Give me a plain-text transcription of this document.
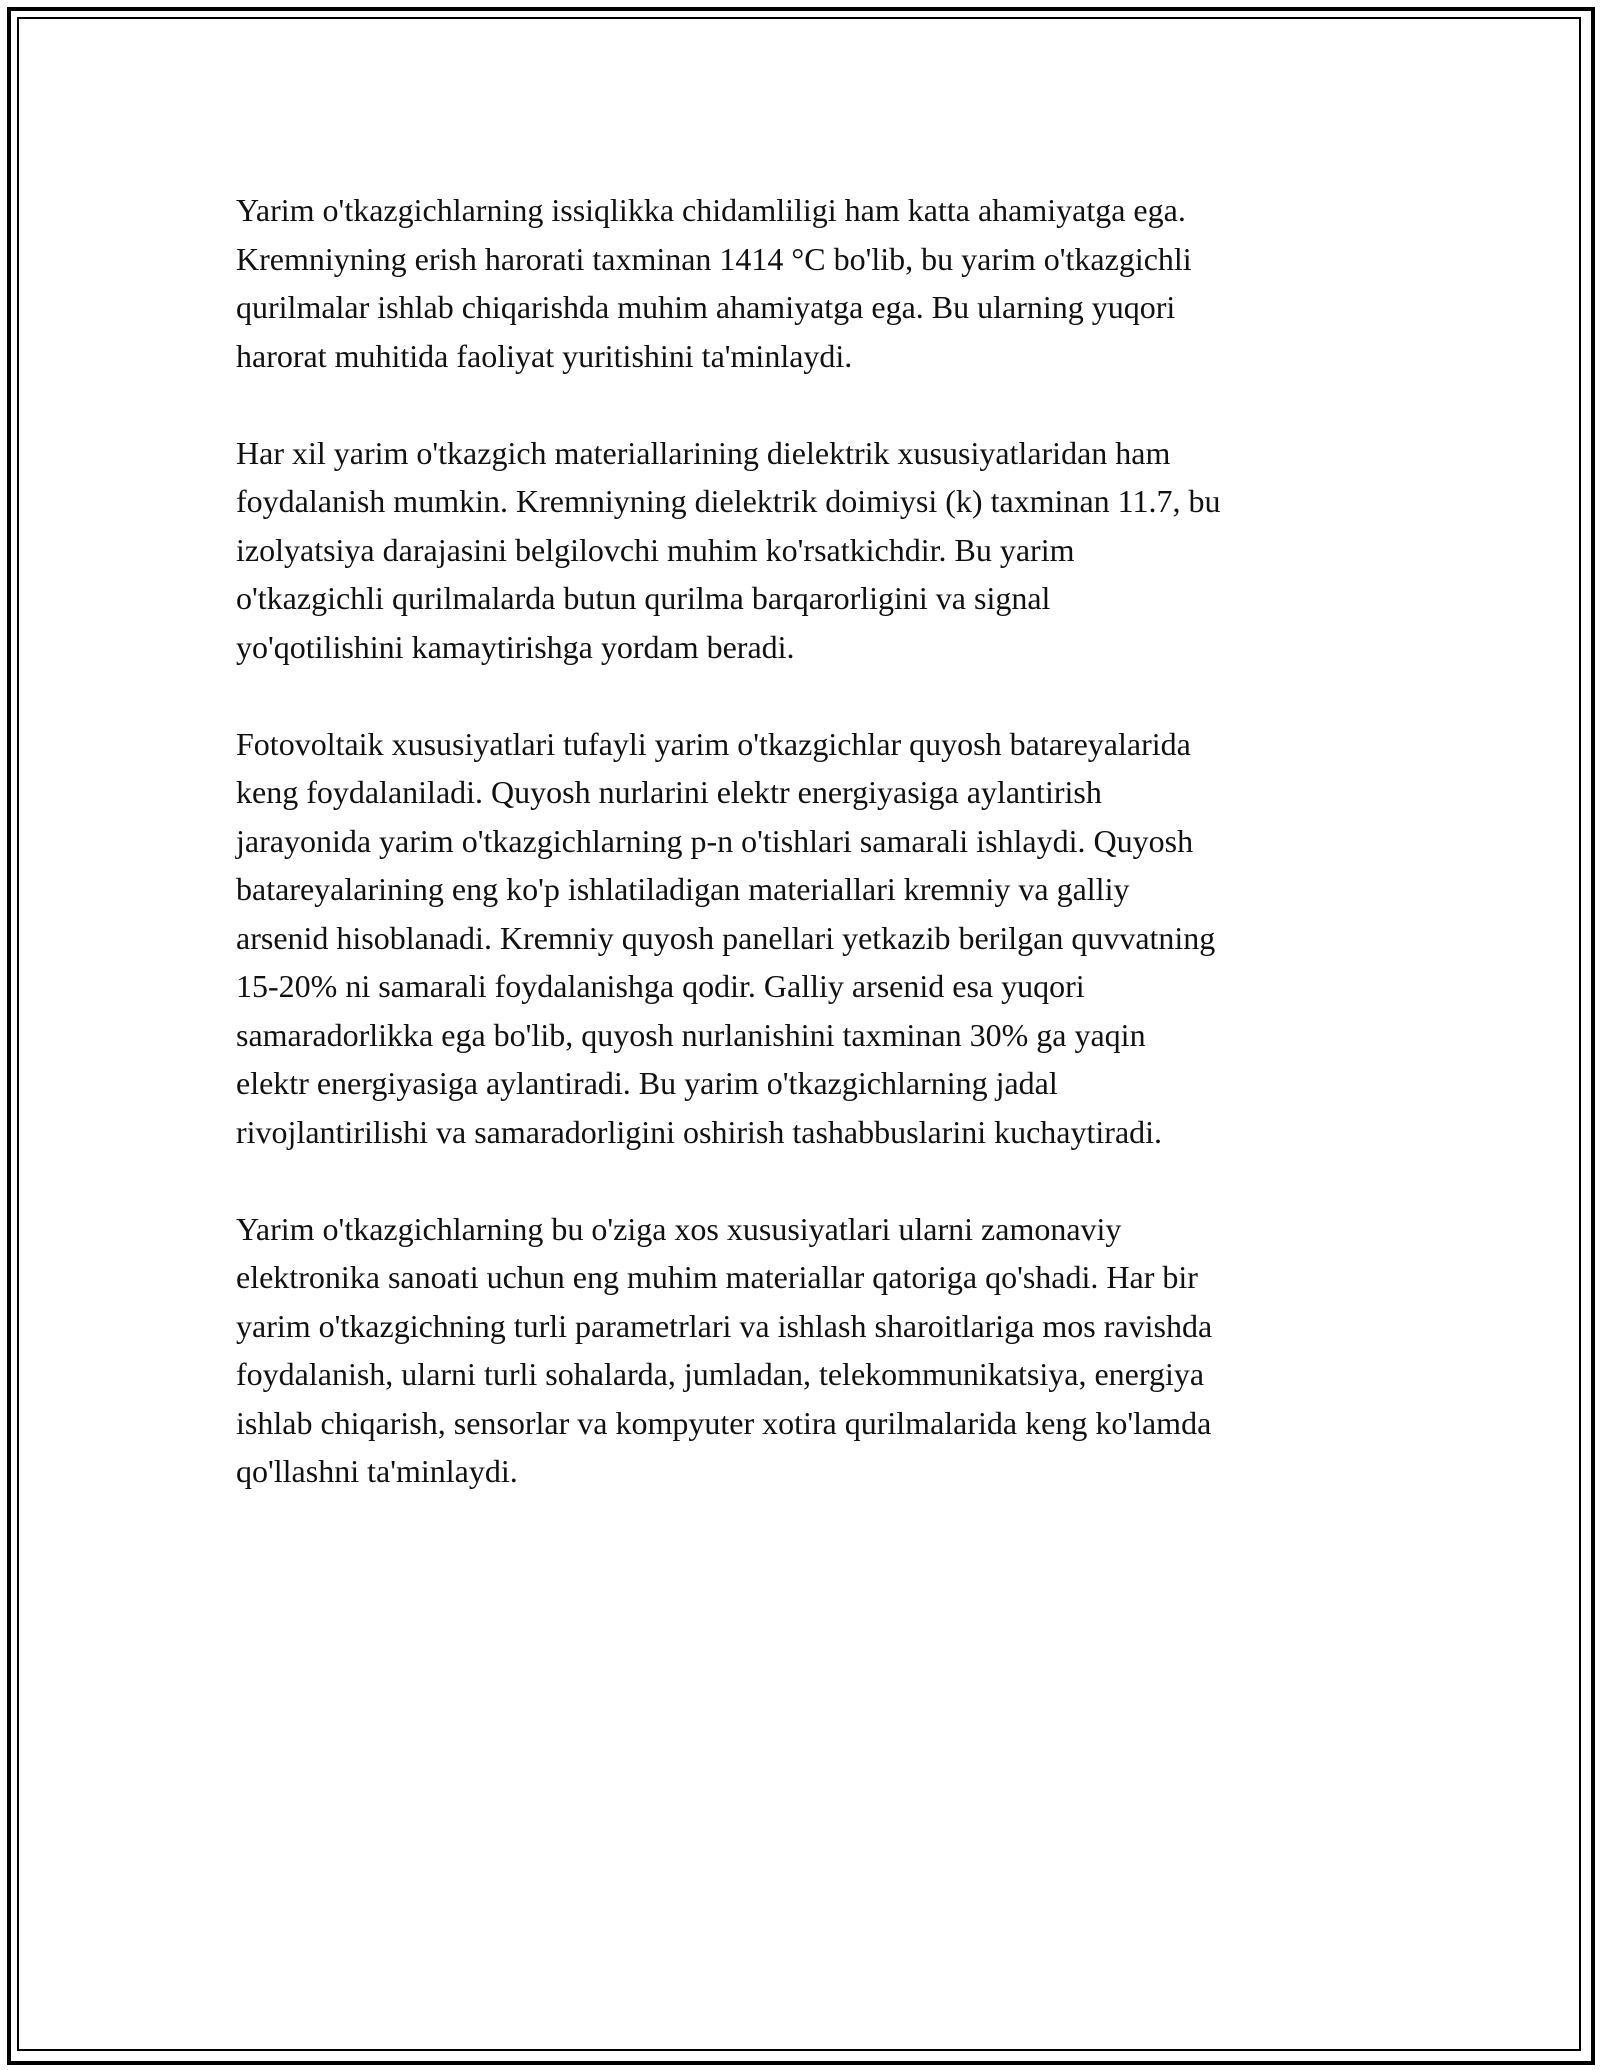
Yarim o'tkazgichlarning issiqlikka chidamliligi ham katta ahamiyatga ega.
Kremniyning erish harorati taxminan 1414 °C bo'lib, bu yarim o'tkazgichli
qurilmalar ishlab chiqarishda muhim ahamiyatga ega. Bu ularning yuqori
harorat muhitida faoliyat yuritishini ta'minlaydi.

Har xil yarim o'tkazgich materiallarining dielektrik xususiyatlaridan ham
foydalanish mumkin. Kremniyning dielektrik doimiysi (k) taxminan 11.7, bu
izolyatsiya darajasini belgilovchi muhim ko'rsatkichdir. Bu yarim
o'tkazgichli qurilmalarda butun qurilma barqarorligini va signal
yo'qotilishini kamaytirishga yordam beradi.

Fotovoltaik xususiyatlari tufayli yarim o'tkazgichlar quyosh batareyalarida
keng foydalaniladi. Quyosh nurlarini elektr energiyasiga aylantirish
jarayonida yarim o'tkazgichlarning p-n o'tishlari samarali ishlaydi. Quyosh
batareyalarining eng ko'p ishlatiladigan materiallari kremniy va galliy
arsenid hisoblanadi. Kremniy quyosh panellari yetkazib berilgan quvvatning
15-20% ni samarali foydalanishga qodir. Galliy arsenid esa yuqori
samaradorlikka ega bo'lib, quyosh nurlanishini taxminan 30% ga yaqin
elektr energiyasiga aylantiradi. Bu yarim o'tkazgichlarning jadal
rivojlantirilishi va samaradorligini oshirish tashabbuslarini kuchaytiradi.

Yarim o'tkazgichlarning bu o'ziga xos xususiyatlari ularni zamonaviy
elektronika sanoati uchun eng muhim materiallar qatoriga qo'shadi. Har bir
yarim o'tkazgichning turli parametrlari va ishlash sharoitlariga mos ravishda
foydalanish, ularni turli sohalarda, jumladan, telekommunikatsiya, energiya
ishlab chiqarish, sensorlar va kompyuter xotira qurilmalarida keng ko'lamda
qo'llashni ta'minlaydi.
